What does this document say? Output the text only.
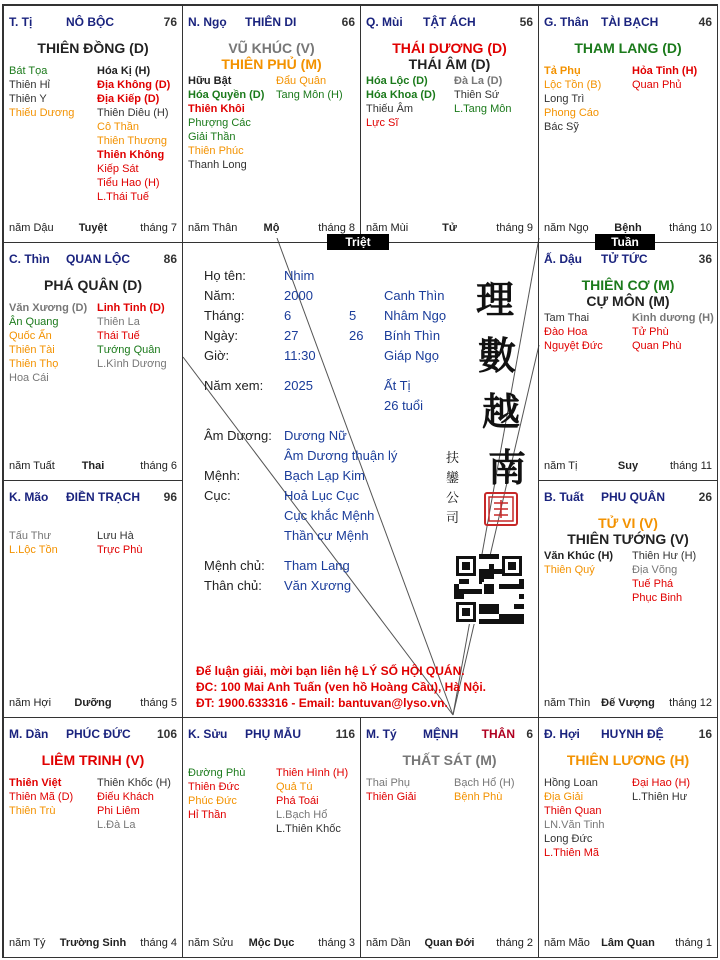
T. Tị	NÔ BỘC	76
THIÊN ĐỒNG (D)
Bát Tọa
Thiên Hỉ
Thiên Y
Thiếu Dương
Hóa Kị (H)
Địa Không (D)
Địa Kiếp (D)
Thiên Diêu (H)
Cô Thần
Thiên Thương
Thiên Không
Kiếp Sát
Tiểu Hao (H)
L.Thái Tuế
năm Dậu	Tuyệt	tháng 7
N. Ngọ THIÊN DI	66
VŨ KHÚC (V)
THIÊN PHỦ (M)
Hữu Bật
Hóa Quyền (D)
Thiên Khôi
Phượng Các
Giải Thần
Thiên Phúc
Thanh Long
Đẩu Quân
Tang Môn (H)
năm Thân	Mộ	tháng 8
Q. Mùi TẬT ÁCH	56
THÁI DƯƠNG (D)
THÁI ÂM (D)
Hóa Lộc (D)
Hóa Khoa (D)
Thiếu Âm
Lực Sĩ
Đà La (D)
Thiên Sứ
L.Tang Môn
năm Mùi	Tử	tháng 9
G. Thân TÀI BẠCH	46
THAM LANG (D)
Tả Phụ
Lộc Tồn (B)
Long Trì
Phong Cáo
Bác Sỹ
Hỏa Tinh (H)
Quan Phủ
năm Ngọ	Bệnh	tháng 10
C. Thìn QUAN LỘC	86
PHÁ QUÂN (D)
Văn Xương (D)
Ân Quang
Quốc Ấn
Thiên Tài
Thiên Thọ
Hoa Cái
Linh Tinh (D)
Thiên La
Thái Tuế
Tướng Quân
L.Kình Dương
năm Tuất	Thai	tháng 6
Ấ. Dậu TỬ TỨC	36
THIÊN CƠ (M)
CỰ MÔN (M)
Tam Thai
Đào Hoa
Nguyệt Đức
Kình dương (H)
Tử Phù
Quan Phù
năm Tị	Suy	tháng 11
K. Mão ĐIỀN TRẠCH 96
Tấu Thư
L.Lộc Tồn
Lưu Hà
Trực Phù
năm Hợi	Dưỡng	tháng 5
B. Tuất PHU QUÂN	26
TỬ VI (V)
THIÊN TƯỚNG (V)
Văn Khúc (H)
Thiên Quý
Thiên Hư (H)
Địa Võng
Tuế Phá
Phục Binh
năm Thìn Đế Vượng	tháng 12
M. Dần PHÚC ĐỨC 106
LIÊM TRINH (V)
Thiên Việt
Thiên Mã (D)
Thiên Trù
Thiên Khốc (H)
Điếu Khách
Phi Liêm
L.Đà La
năm Tý	Trường Sinh	tháng 4
K. Sửu PHỤ MẪU	116
Đường Phù
Thiên Đức
Phúc Đức
Hỉ Thần
Thiên Hình (H)
Quả Tú
Phá Toái
L.Bạch Hổ
L.Thiên Khốc
năm Sửu	Mộc Dục	tháng 3
M. Tý MỆNH THÂN 6
THẤT SÁT (M)
Thai Phụ
Thiên Giải
Bạch Hổ (H)
Bệnh Phù
năm Dần	Quan Đới	tháng 2
Đ. Hợi HUYNH ĐỆ	16
THIÊN LƯƠNG (H)
Hồng Loan
Địa Giải
Thiên Quan
LN.Văn Tinh
Long Đức
L.Thiên Mã
Đại Hao (H)
L.Thiên Hư
năm Mão	Lâm Quan	tháng 1
Triệt	Tuần
Họ tên:	Nhim
Năm:	2000	Canh Thìn
Tháng:	6	5 Nhâm Ngọ
Ngày:	27	26 Bính Thìn
Giờ:	11:30	Giáp Ngọ
Năm xem: 2025	Ất Tị
26 tuổi
Âm Dương: Dương Nữ
Âm Dương thuận lý
Mệnh:	Bạch Lạp Kim
Cục:	Hoả Lục Cục
Cục khắc Mệnh
Thần cư Mệnh
Mệnh chủ: Tham Lang
Thân chủ: Văn Xương
理
數
越
南
扶
鑾
公
司
Để luận giải, mời bạn liên hệ LÝ SỐ HỘI QUÁN.
ĐC: 100 Mai Anh Tuấn (ven hồ Hoàng Cầu), Hà Nội.
ĐT: 1900.633316 - Email: bantuvan@lyso.vn.
